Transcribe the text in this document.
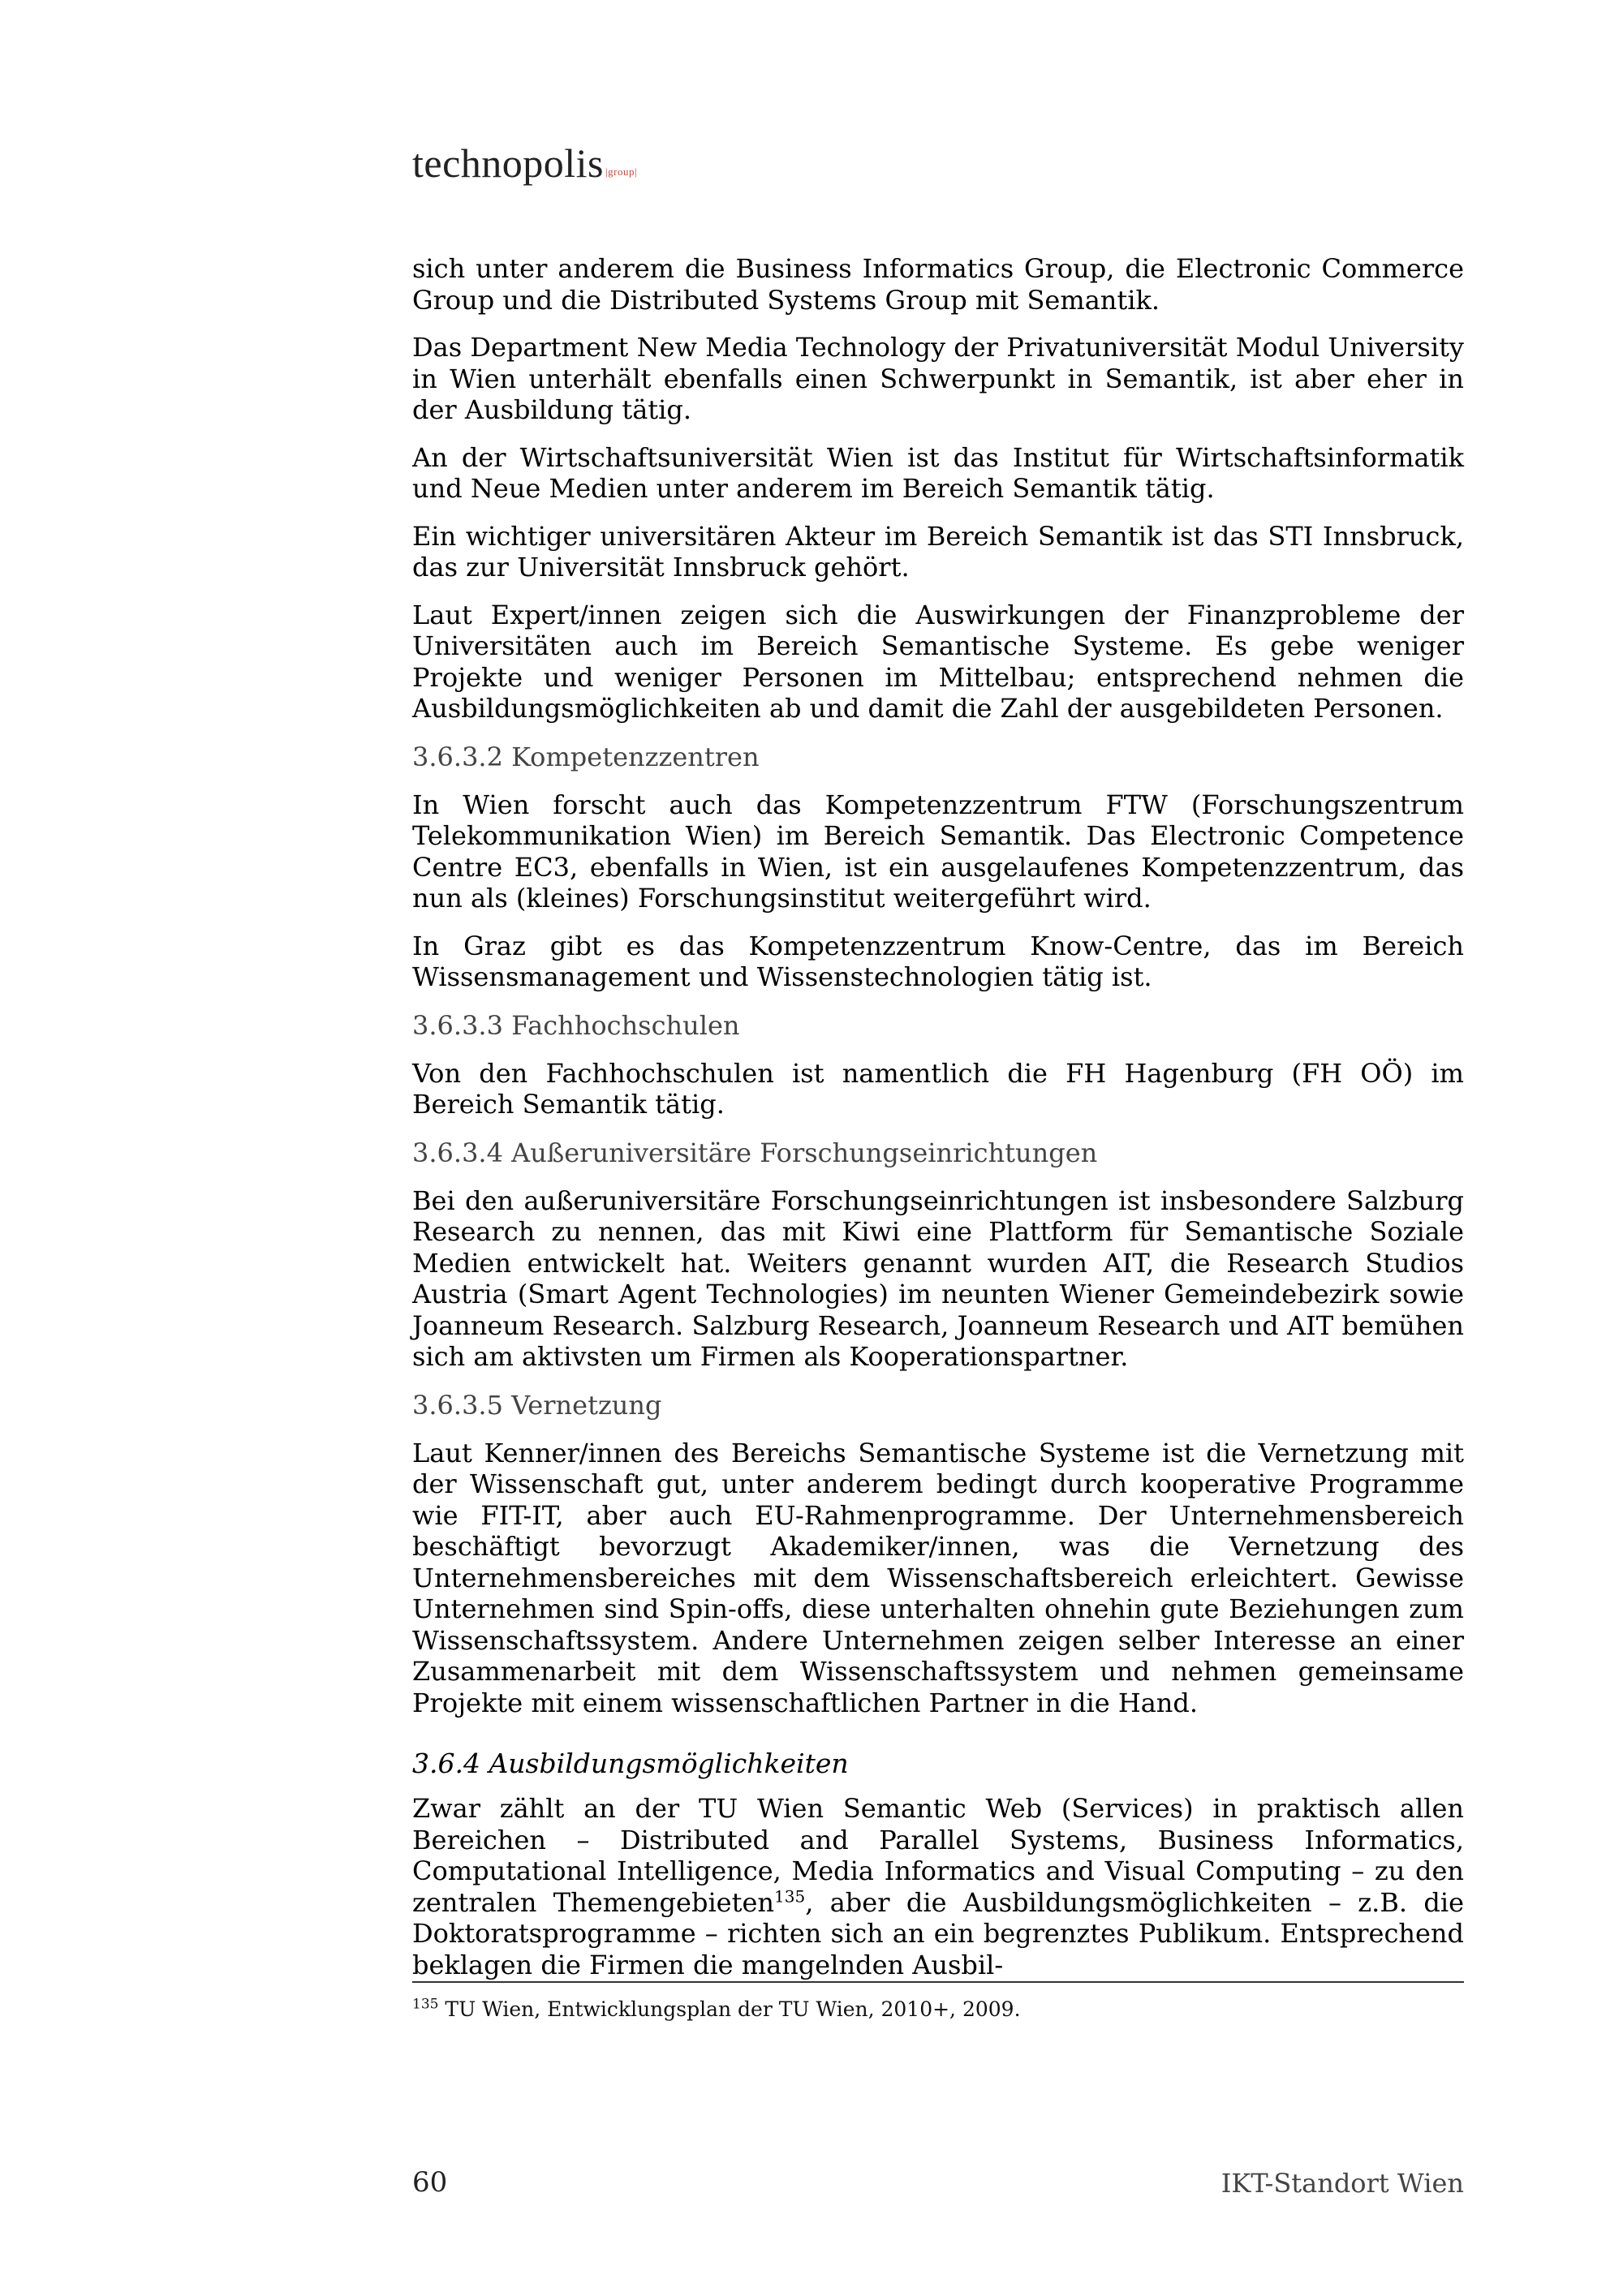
technopolis |group|

sich unter anderem die Business Informatics Group, die Electronic Commerce Group und die Distributed Systems Group mit Semantik.

Das Department New Media Technology der Privatuniversität Modul University in Wien unterhält ebenfalls einen Schwerpunkt in Semantik, ist aber eher in der Ausbildung tätig.

An der Wirtschaftsuniversität Wien ist das Institut für Wirtschaftsinformatik und Neue Medien unter anderem im Bereich Semantik tätig.

Ein wichtiger universitären Akteur im Bereich Semantik ist das STI Innsbruck, das zur Universität Innsbruck gehört.

Laut Expert/innen zeigen sich die Auswirkungen der Finanzprobleme der Universitäten auch im Bereich Semantische Systeme. Es gebe weniger Projekte und weniger Personen im Mittelbau; entsprechend nehmen die Ausbildungsmöglichkeiten ab und damit die Zahl der ausgebildeten Personen.

3.6.3.2 Kompetenzzentren

In Wien forscht auch das Kompetenzzentrum FTW (Forschungszentrum Telekommunikation Wien) im Bereich Semantik. Das Electronic Competence Centre EC3, ebenfalls in Wien, ist ein ausgelaufenes Kompetenzzentrum, das nun als (kleines) Forschungsinstitut weitergeführt wird.

In Graz gibt es das Kompetenzzentrum Know-Centre, das im Bereich Wissensmanagement und Wissenstechnologien tätig ist.

3.6.3.3 Fachhochschulen

Von den Fachhochschulen ist namentlich die FH Hagenburg (FH OÖ) im Bereich Semantik tätig.

3.6.3.4 Außeruniversitäre Forschungseinrichtungen

Bei den außeruniversitäre Forschungseinrichtungen ist insbesondere Salzburg Research zu nennen, das mit Kiwi eine Plattform für Semantische Soziale Medien entwickelt hat. Weiters genannt wurden AIT, die Research Studios Austria (Smart Agent Technologies) im neunten Wiener Gemeindebezirk sowie Joanneum Research. Salzburg Research, Joanneum Research und AIT bemühen sich am aktivsten um Firmen als Kooperationspartner.

3.6.3.5 Vernetzung

Laut Kenner/innen des Bereichs Semantische Systeme ist die Vernetzung mit der Wissenschaft gut, unter anderem bedingt durch kooperative Programme wie FIT-IT, aber auch EU-Rahmenprogramme. Der Unternehmensbereich beschäftigt bevorzugt Akademiker/innen, was die Vernetzung des Unternehmensbereiches mit dem Wissenschaftsbereich erleichtert. Gewisse Unternehmen sind Spin-offs, diese unterhalten ohnehin gute Beziehungen zum Wissenschaftssystem. Andere Unternehmen zeigen selber Interesse an einer Zusammenarbeit mit dem Wissenschaftssystem und nehmen gemeinsame Projekte mit einem wissenschaftlichen Partner in die Hand.

3.6.4 Ausbildungsmöglichkeiten

Zwar zählt an der TU Wien Semantic Web (Services) in praktisch allen Bereichen – Distributed and Parallel Systems, Business Informatics, Computational Intelligence, Media Informatics and Visual Computing – zu den zentralen Themengebieten$^{135}$, aber die Ausbildungsmöglichkeiten – z.B. die Doktoratsprogramme – richten sich an ein begrenztes Publikum. Entsprechend beklagen die Firmen die mangelnden Ausbil-

$^{135}$ TU Wien, Entwicklungsplan der TU Wien, 2010+, 2009.
60	IKT-Standort Wien
